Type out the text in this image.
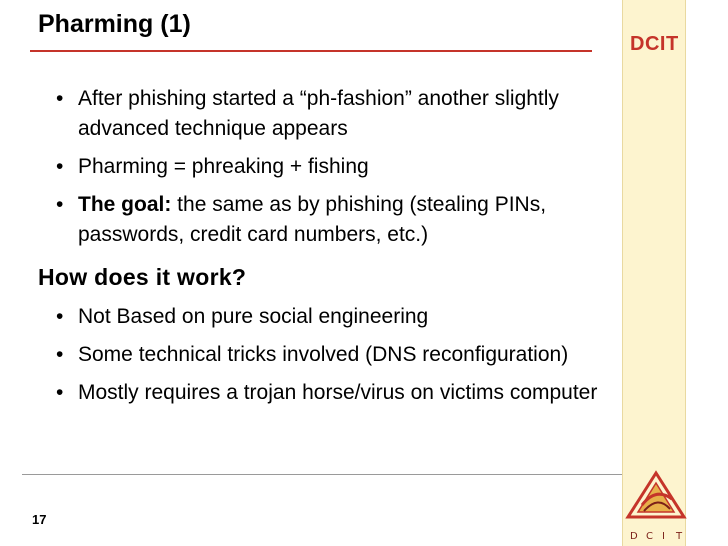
DCIT
Pharming (1)
• After phishing started a “ph-fashion” another slightly advanced technique appears
• Pharming = phreaking + fishing
• The goal: the same as by phishing (stealing PINs, passwords, credit card numbers, etc.)
How does it work?
• Not Based on pure social engineering
• Some technical tricks involved (DNS reconfiguration)
• Mostly requires a trojan horse/virus on victims computer
17
D C I T
